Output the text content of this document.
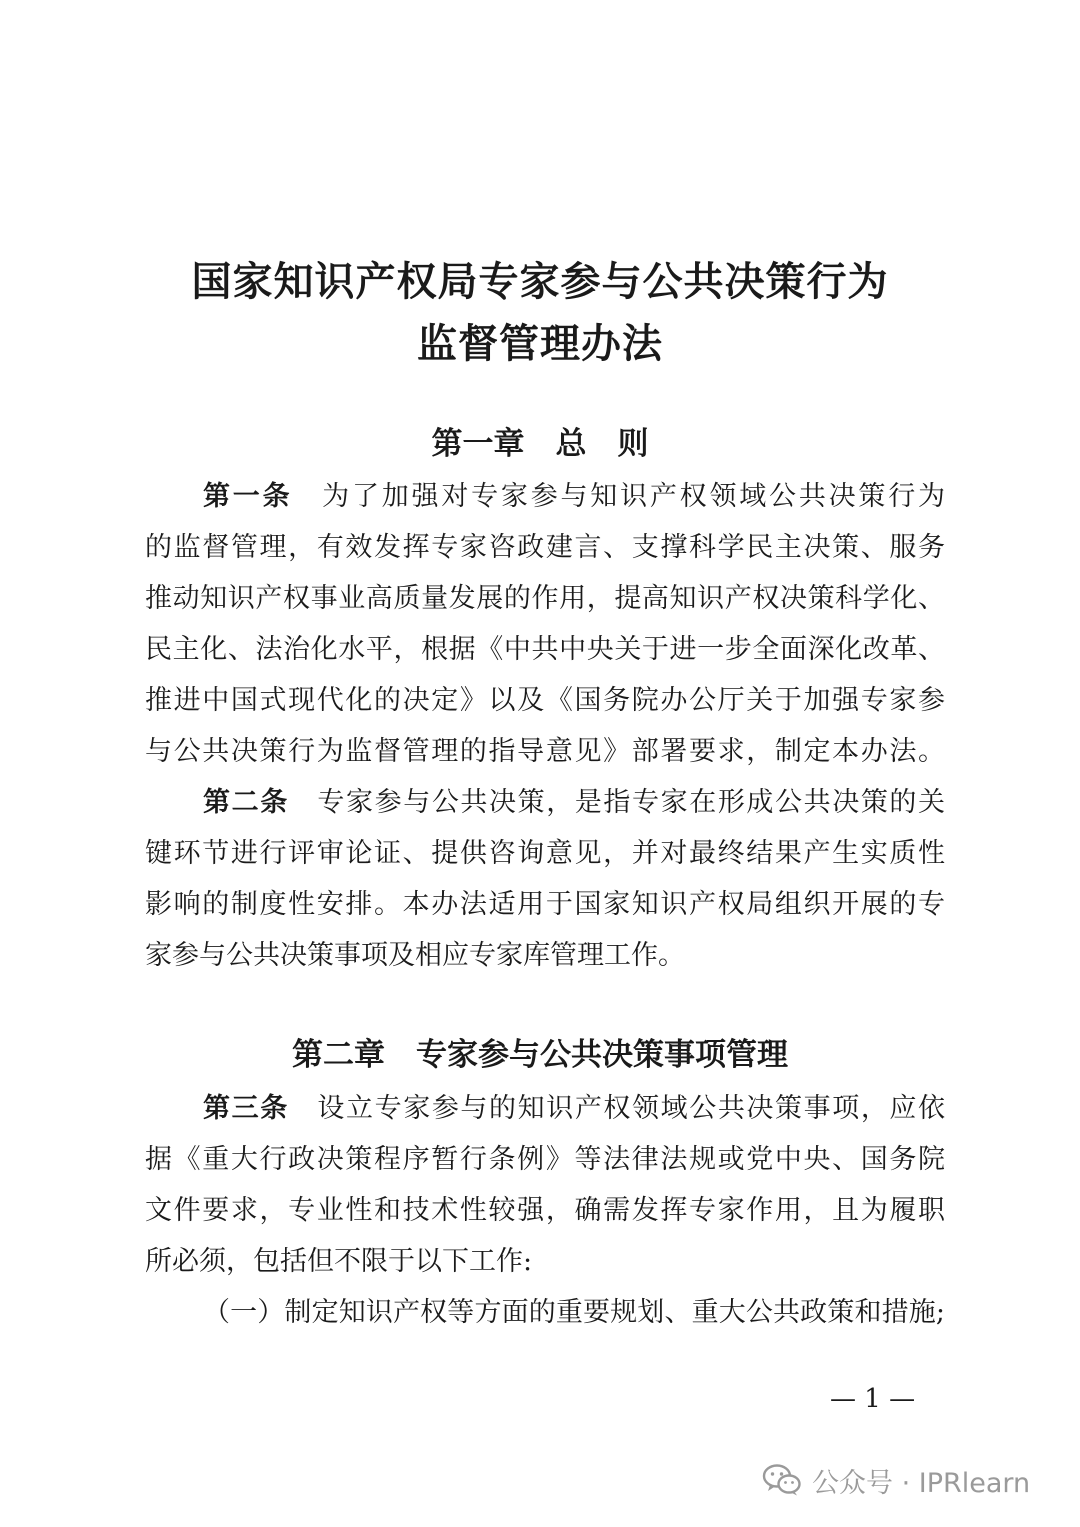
国家知识产权局专家参与公共决策行为
监督管理办法
第一章　总　则
第一条　 为了加强对专家参与知识产权领域公共决策行为
的监督管理，有效发挥专家咨政建言、支撑科学民主决策、服务
推动知识产权事业高质量发展的作用，提高知识产权决策科学化、
民主化、法治化水平，根据《中共中央关于进一步全面深化改革、
推进中国式现代化的决定》以及《国务院办公厅关于加强专家参
与公共决策行为监督管理的指导意见》部署要求，制定本办法。
第二条　 专家参与公共决策，是指专家在形成公共决策的关
键环节进行评审论证、提供咨询意见，并对最终结果产生实质性
影响的制度性安排。本办法适用于国家知识产权局组织开展的专
家参与公共决策事项及相应专家库管理工作。
第二章　专家参与公共决策事项管理
第三条　 设立专家参与的知识产权领域公共决策事项，应依
据《重大行政决策程序暂行条例》等法律法规或党中央、国务院
文件要求，专业性和技术性较强，确需发挥专家作用，且为履职
所必须，包括但不限于以下工作:
（一）制定知识产权等方面的重要规划、重大公共政策和措施;
— 1 —
公众号 · IPRlearn
